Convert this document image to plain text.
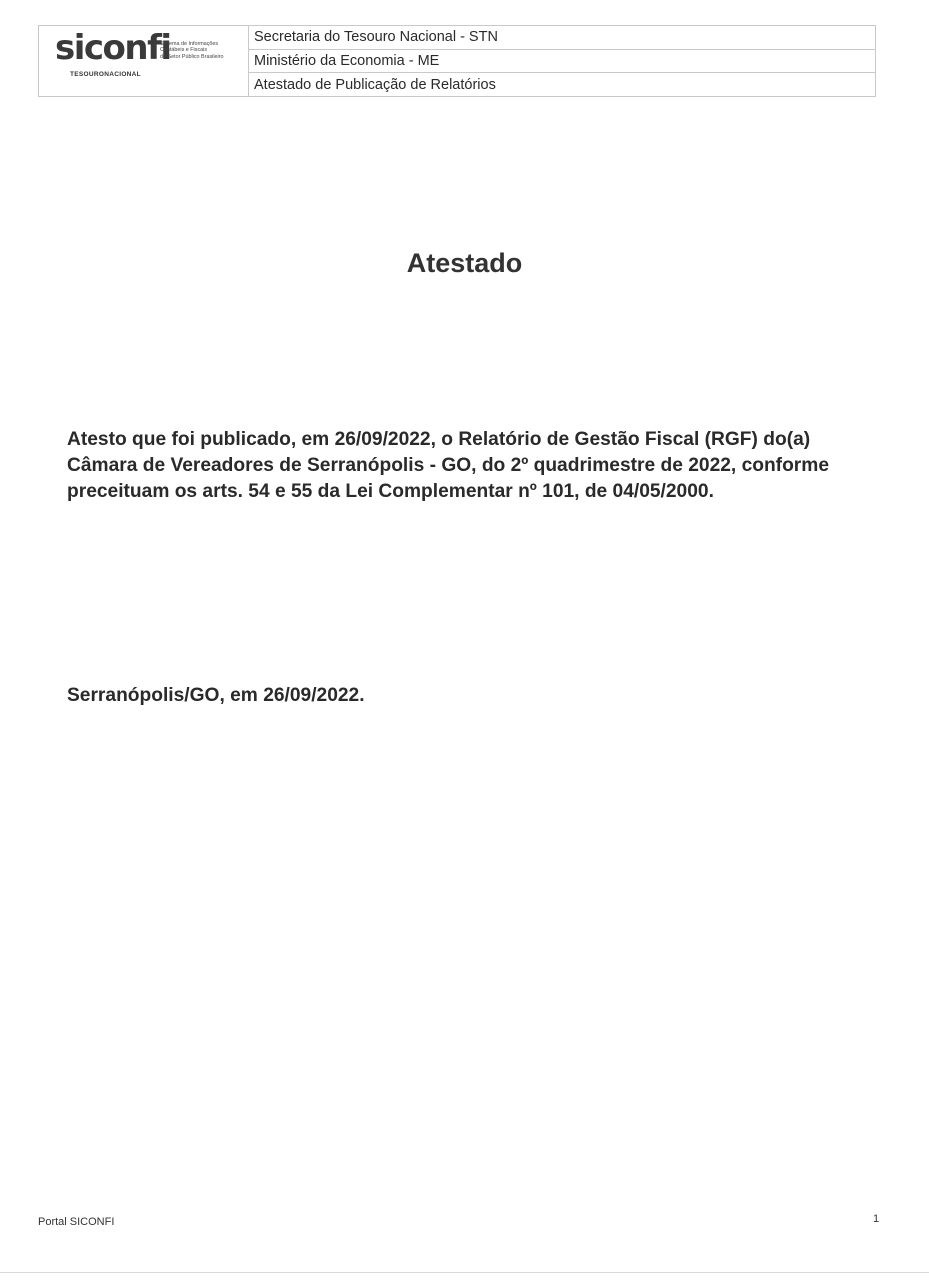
siconfi
Sistema de Informações
Contábeis e Fiscais
do Setor Público Brasileiro
TESOURONACIONAL
Secretaria do Tesouro Nacional - STN
Ministério da Economia - ME
Atestado de Publicação de Relatórios
Atestado
Atesto que foi publicado, em 26/09/2022, o Relatório de Gestão Fiscal (RGF) do(a) Câmara de Vereadores de Serranópolis - GO, do 2º quadrimestre de 2022, conforme preceituam os arts. 54 e 55 da Lei Complementar nº 101, de 04/05/2000.
Serranópolis/GO, em 26/09/2022.
Portal SICONFI	1
